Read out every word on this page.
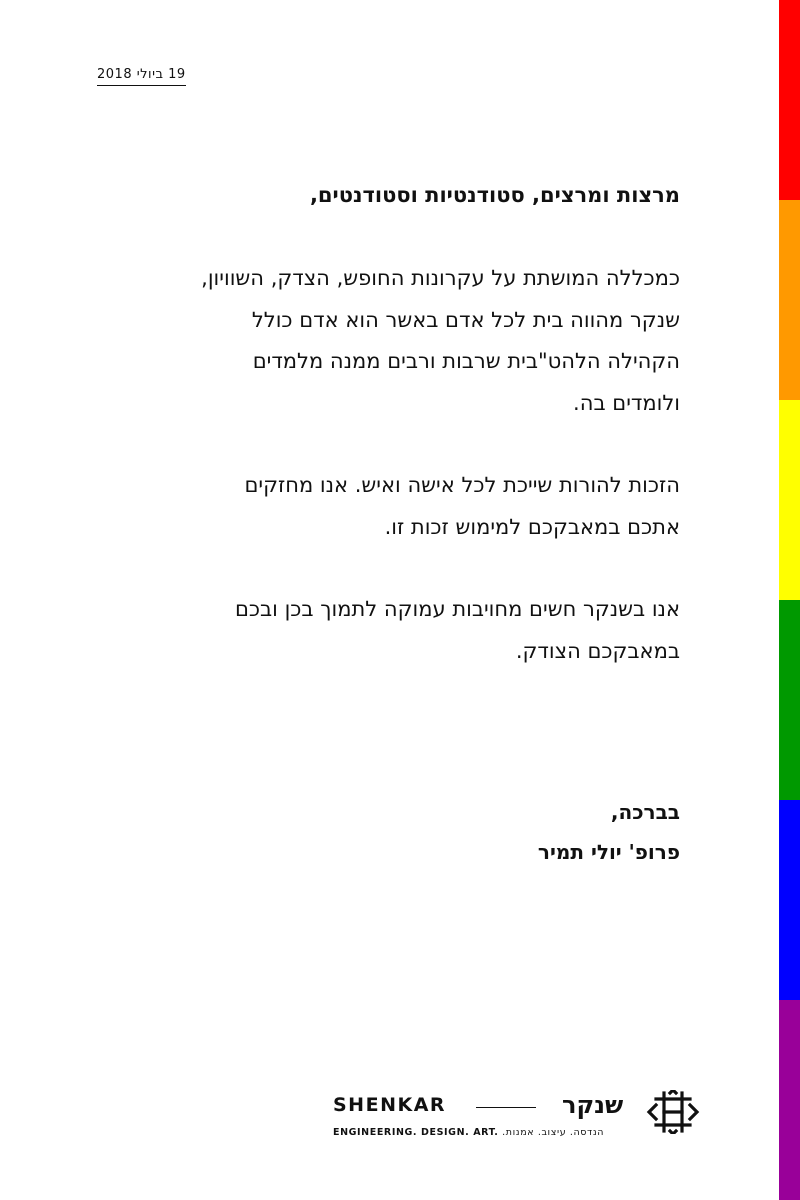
19 ביולי 2018
מרצות ומרצים, סטודנטיות וסטודנטים,
כמכללה המושתת על עקרונות החופש, הצדק, השוויון,
שנקר מהווה בית לכל אדם באשר הוא אדם כולל
הקהילה הלהט"בית שרבות ורבים ממנה מלמדים
ולומדים בה.
הזכות להורות שייכת לכל אישה ואיש. אנו מחזקים
אתכם במאבקכם למימוש זכות זו.
אנו בשנקר חשים מחויבות עמוקה לתמוך בכן ובכם
במאבקכם הצודק.
בברכה,
פרופ' יולי תמיר
SHENKAR	שנקר
ENGINEERING. DESIGN. ART. הנדסה. עיצוב. אמנות.
